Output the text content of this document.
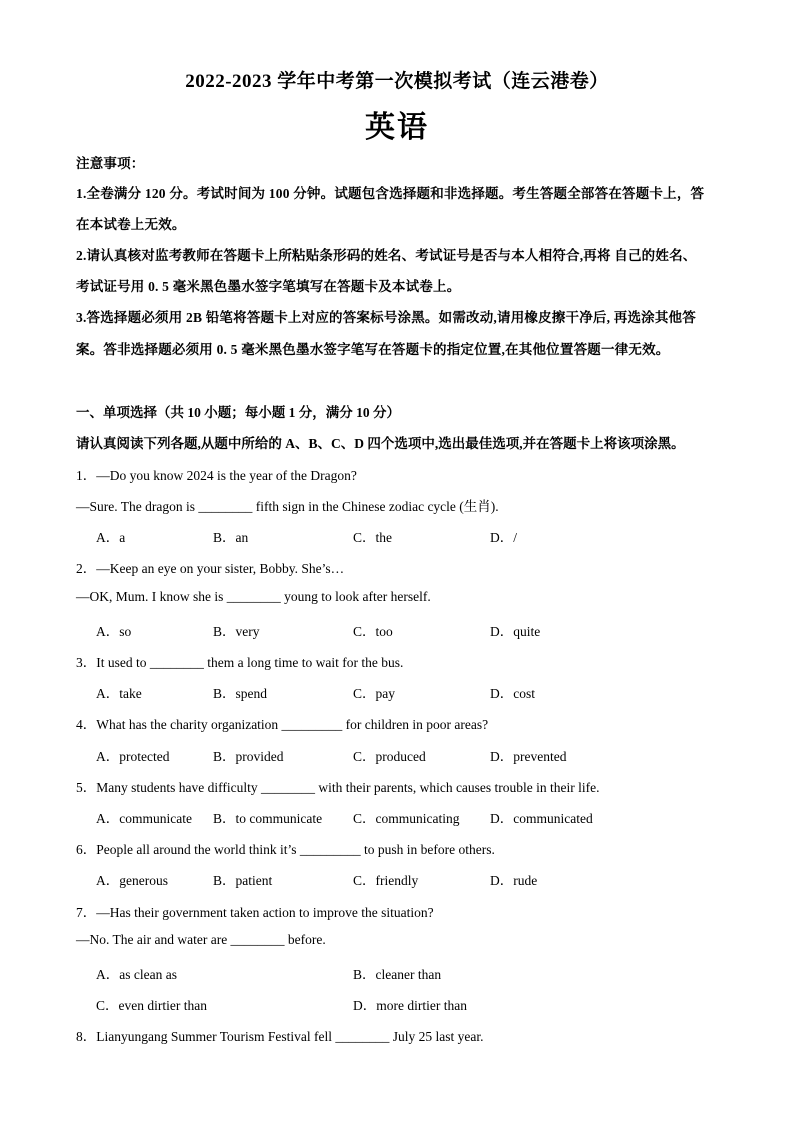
2022-2023 学年中考第一次模拟考试（连云港卷）
英语
注意事项：
1.全卷满分 120 分。考试时间为 100 分钟。试题包含选择题和非选择题。考生答题全部答在答题卡上，答
在本试卷上无效。
2.请认真核对监考教师在答题卡上所粘贴条形码的姓名、考试证号是否与本人相符合,再将 自己的姓名、
考试证号用 0. 5 毫米黑色墨水签字笔填写在答题卡及本试卷上。
3.答选择题必须用 2B 铅笔将答题卡上对应的答案标号涂黑。如需改动,请用橡皮擦干净后, 再选涂其他答
案。答非选择题必须用 0. 5 毫米黑色墨水签字笔写在答题卡的指定位置,在其他位置答题一律无效。
一、单项选择（共 10 小题；每小题 1 分，满分 10 分）
请认真阅读下列各题,从题中所给的 A、B、C、D 四个选项中,选出最佳选项,并在答题卡上将该项涂黑。
1．—Do you know 2024 is the year of the Dragon?
—Sure. The dragon is ________ fifth sign in the Chinese zodiac cycle (生肖).
A．a	B．an	C．the	D．/
2．—Keep an eye on your sister, Bobby. She’s…
—OK, Mum. I know she is ________ young to look after herself.
A．so	B．very	C．too	D．quite
3．It used to ________ them a long time to wait for the bus.
A．take	B．spend	C．pay	D．cost
4．What has the charity organization _________ for children in poor areas?
A．protected	B．provided	C．produced	D．prevented
5．Many students have difficulty ________ with their parents, which causes trouble in their life.
A．communicate B．to communicate C．communicating D．communicated
6．People all around the world think it’s _________ to push in before others.
A．generous	B．patient	C．friendly	D．rude
7．—Has their government taken action to improve the situation?
—No. The air and water are ________ before.
A．as clean as	B．cleaner than
C．even dirtier than	D．more dirtier than
8．Lianyungang Summer Tourism Festival fell ________ July 25 last year.
